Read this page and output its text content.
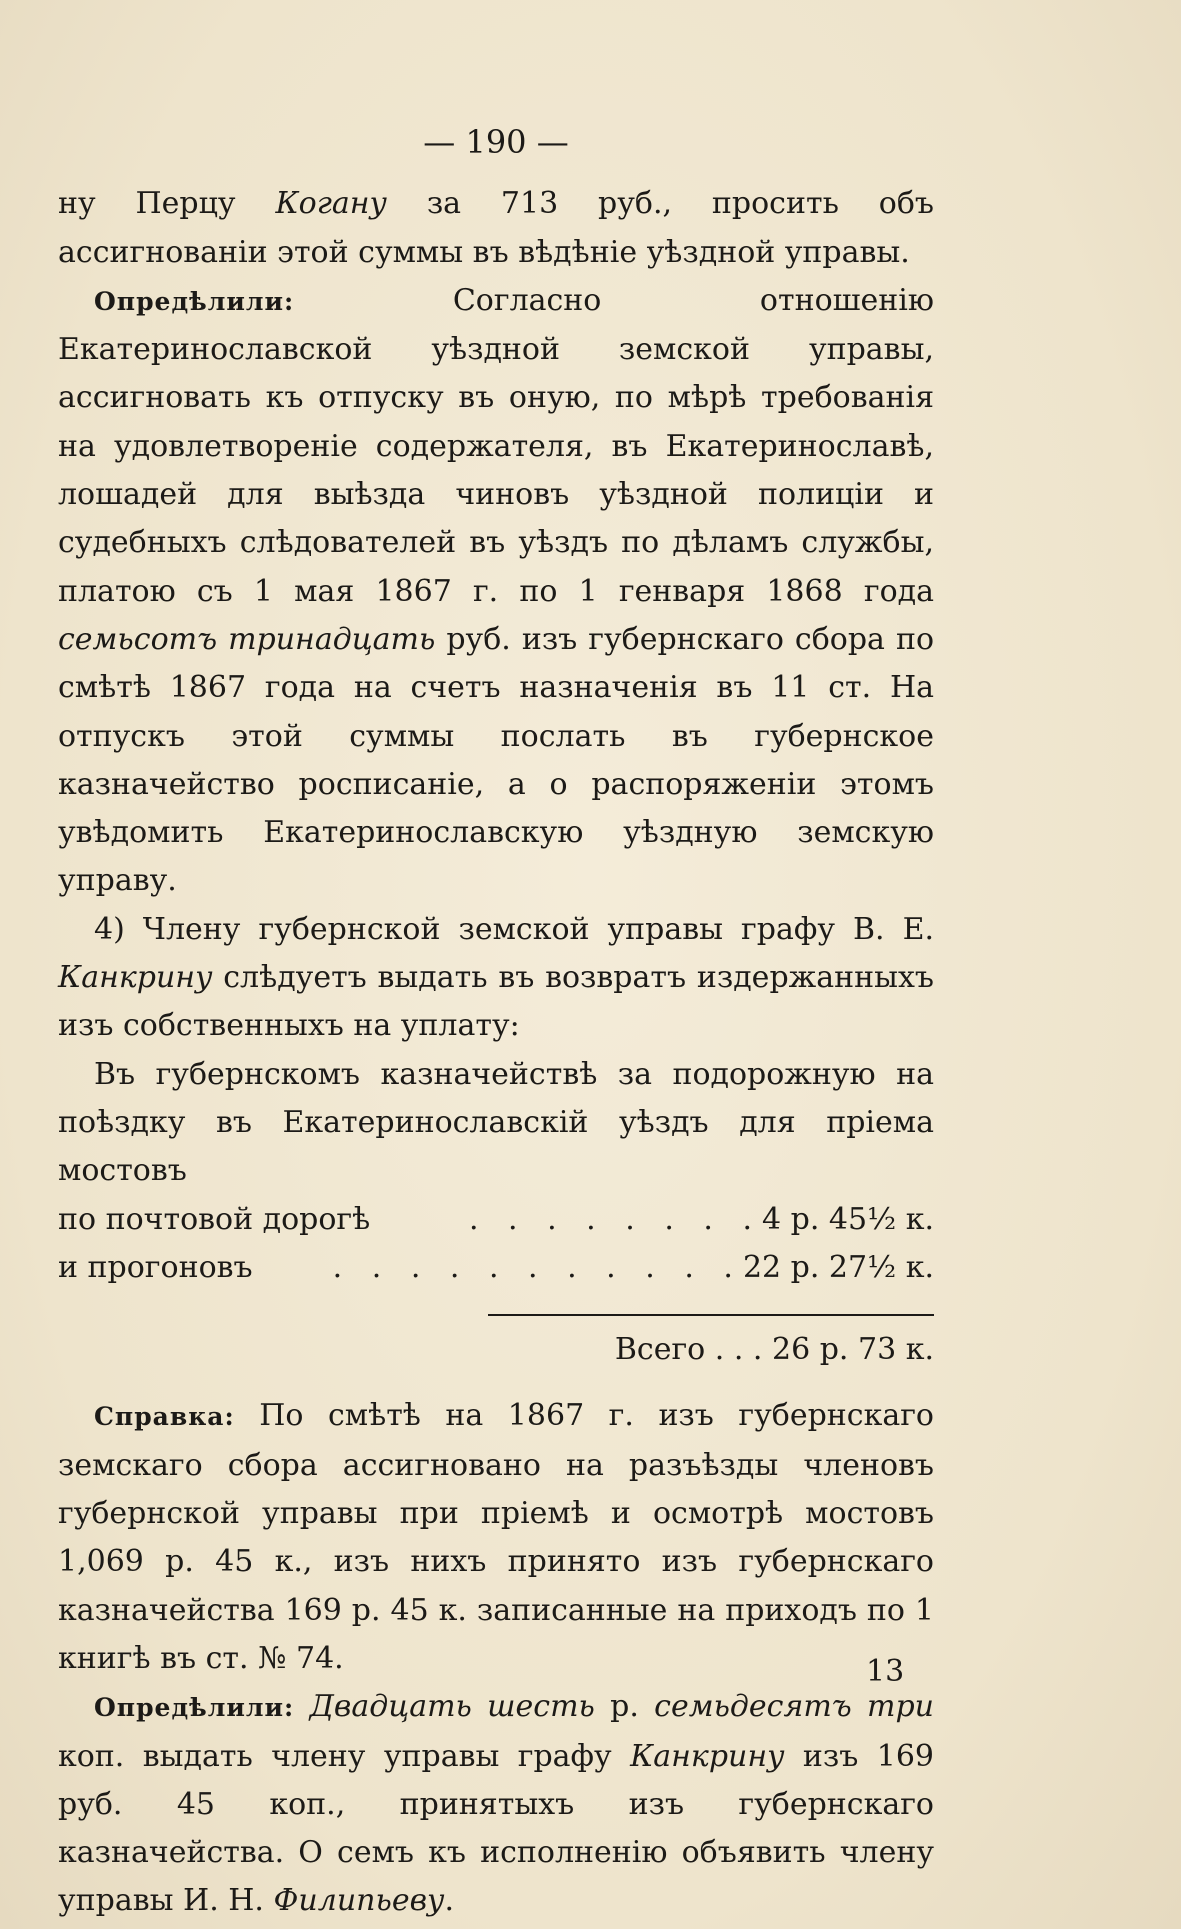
— 190 —

ну Перцу Когану за 713 руб., просить объ ассигнованіи этой суммы въ вѣдѣніе уѣздной управы.

Опредѣлили: Согласно отношенію Екатеринославской уѣздной земской управы, ассигновать къ отпуску въ оную, по мѣрѣ требованія на удовлетвореніе содержателя, въ Екатеринославѣ, лошадей для выѣзда чиновъ уѣздной полиціи и судебныхъ слѣдователей въ уѣздъ по дѣламъ службы, платою съ 1 мая 1867 г. по 1 генваря 1868 года семьсотъ тринадцать руб. изъ губернскаго сбора по смѣтѣ 1867 года на счетъ назначенія въ 11 ст. На отпускъ этой суммы послать въ губернское казначейство росписаніе, а о распоряженіи этомъ увѣдомить Екатеринославскую уѣздную земскую управу.

4) Члену губернской земской управы графу В. Е. Канкрину слѣдуетъ выдать въ возвратъ издержанныхъ изъ собственныхъ на уплату:

Въ губернскомъ казначействѣ за подорожную на поѣздку въ Екатеринославскій уѣздъ для пріема мостовъ

по почтовой дорогѣ	. . . . . . . . 4 р. 45½ к.
и прогоновъ	. . . . . . . . . . . 22 р. 27½ к.
Всего . . . 26 р. 73 к.

Справка: По смѣтѣ на 1867 г. изъ губернскаго земскаго сбора ассигновано на разъѣзды членовъ губернской управы при пріемѣ и осмотрѣ мостовъ 1,069 р. 45 к., изъ нихъ принято изъ губернскаго казначейства 169 р. 45 к. записанные на приходъ по 1 книгѣ въ ст. № 74.

Опредѣлили: Двадцать шесть р. семьдесятъ три коп. выдать члену управы графу Канкрину изъ 169 руб. 45 коп., принятыхъ изъ губернскаго казначейства. О семъ къ исполненію объявить члену управы И. Н. Филипьеву.

13
